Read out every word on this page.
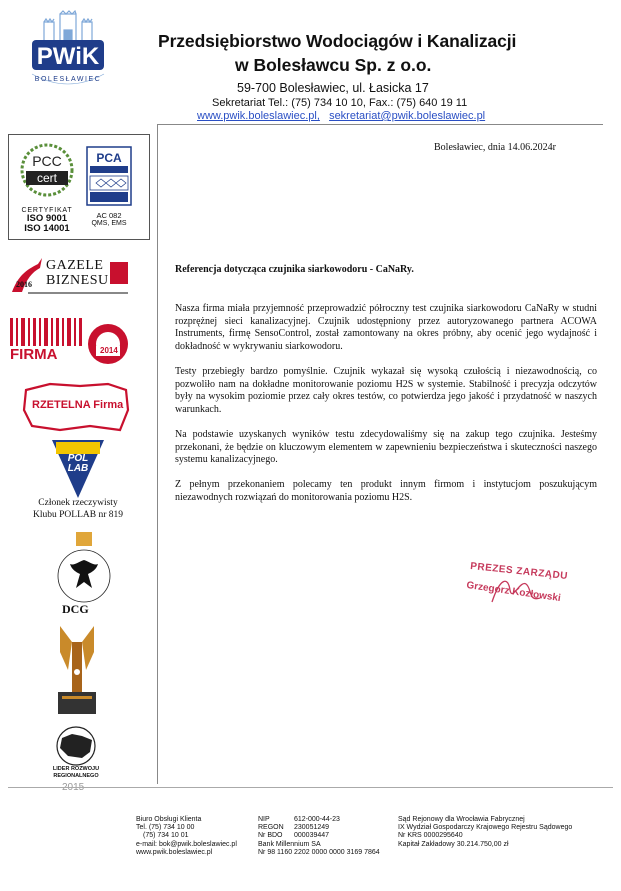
PWiK
BOLESŁAWIEC
Przedsiębiorstwo Wodociągów i Kanalizacji
w Bolesławcu Sp. z o.o.
59-700 Bolesławiec, ul. Łasicka 17
Sekretariat Tel.: (75) 734 10 10, Fax.: (75) 640 19 11
www.pwik.boleslawiec.pl, sekretariat@pwik.boleslawiec.pl
PCC
cert
CERTYFIKAT
ISO 9001
ISO 14001
PCA
AC 082
QMS, EMS
2016
GAZELE
BIZNESU
FIRMA	2014
RZETELNA Firma
POL LAB
Członek rzeczywisty
Klubu POLLAB nr 819
DCG
LIDER ROZWOJU REGIONALNEGO
Bolesławiec, dnia 14.06.2024r
Referencja dotycząca czujnika siarkowodoru - CaNaRy.

Nasza firma miała przyjemność przeprowadzić półroczny test czujnika siarkowodoru CaNaRy w studni rozprężnej sieci kanalizacyjnej. Czujnik udostępniony przez autoryzowanego partnera ACOWA Instruments, firmę SensoControl, został zamontowany na okres próbny, aby ocenić jego wydajność i dokładność w wykrywaniu siarkowodoru.

Testy przebiegły bardzo pomyślnie. Czujnik wykazał się wysoką czułością i niezawodnością, co pozwoliło nam na dokładne monitorowanie poziomu H2S w systemie. Stabilność i precyzja odczytów były na wysokim poziomie przez cały okres testów, co potwierdza jego jakość i przydatność w naszych warunkach.

Na podstawie uzyskanych wyników testu zdecydowaliśmy się na zakup tego czujnika. Jesteśmy przekonani, że będzie on kluczowym elementem w zapewnieniu bezpieczeństwa i skuteczności naszego systemu kanalizacyjnego.

Z pełnym przekonaniem polecamy ten produkt innym firmom i instytucjom poszukującym niezawodnych rozwiązań do monitorowania poziomu H2S.

PREZES ZARZĄDU
Grzegorz Kozłowski
Biuro Obsługi Klienta
Tel. (75) 734 10 00
(75) 734 10 01
e-mail: bok@pwik.boleslawiec.pl
www.pwik.boleslawiec.pl
NIP	612-000-44-23
REGON 230051249
Nr BDO 000039447
Bank Millennium SA
Nr 98 1160 2202 0000 0000 3169 7864
Sąd Rejonowy dla Wrocławia Fabrycznej
IX Wydział Gospodarczy Krajowego Rejestru Sądowego
Nr KRS 0000295640
Kapitał Zakładowy 30.214.750,00 zł
